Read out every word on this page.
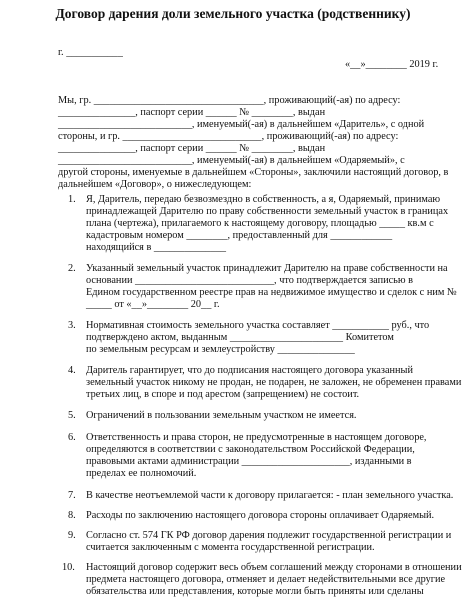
Договор дарения доли земельного участка (родственнику)
г. ___________
«__»________ 2019 г.
Мы, гр. _________________________________, проживающий(-ая) по адресу:
_______________, паспорт серии ______ № ________, выдан
__________________________, именуемый(-ая) в дальнейшем «Даритель», с одной
стороны, и гр. ___________________________, проживающий(-ая) по адресу:
_______________, паспорт серии ______ № ________, выдан
__________________________, именуемый(-ая) в дальнейшем «Одаряемый», с
другой стороны, именуемые в дальнейшем «Стороны», заключили настоящий договор, в
дальнейшем «Договор», о нижеследующем:
1. Я, Даритель, передаю безвозмездно в собственность, а я, Одаряемый, принимаю
принадлежащей Дарителю по праву собственности земельный участок в границах
плана (чертежа), прилагаемого к настоящему договору, площадью _____ кв.м с
кадастровым номером ________, предоставленный для ____________
находящийся в ______________
2. Указанный земельный участок принадлежит Дарителю на праве собственности на
основании ___________________________, что подтверждается записью в
Едином государственном реестре прав на недвижимое имущество и сделок с ним №
_____ от «__»________ 20__ г.
3. Нормативная стоимость земельного участка составляет ___________ руб., что
подтверждено актом, выданным ______________________ Комитетом
по земельным ресурсам и землеустройству _______________
4. Даритель гарантирует, что до подписания настоящего договора указанный
земельный участок никому не продан, не подарен, не заложен, не обременен правами
третьих лиц, в споре и под арестом (запрещением) не состоит.
5. Ограничений в пользовании земельным участком не имеется.
6. Ответственность и права сторон, не предусмотренные в настоящем договоре,
определяются в соответствии с законодательством Российской Федерации,
правовыми актами администрации _____________________, изданными в
пределах ее полномочий.
7. В качестве неотъемлемой части к договору прилагается: - план земельного участка.
8. Расходы по заключению настоящего договора стороны оплачивает Одаряемый.
9. Согласно ст. 574 ГК РФ договор дарения подлежит государственной регистрации и
считается заключенным с момента государственной регистрации.
10. Настоящий договор содержит весь объем соглашений между сторонами в отношении
предмета настоящего договора, отменяет и делает недействительными все другие
обязательства или представления, которые могли быть приняты или сделаны
